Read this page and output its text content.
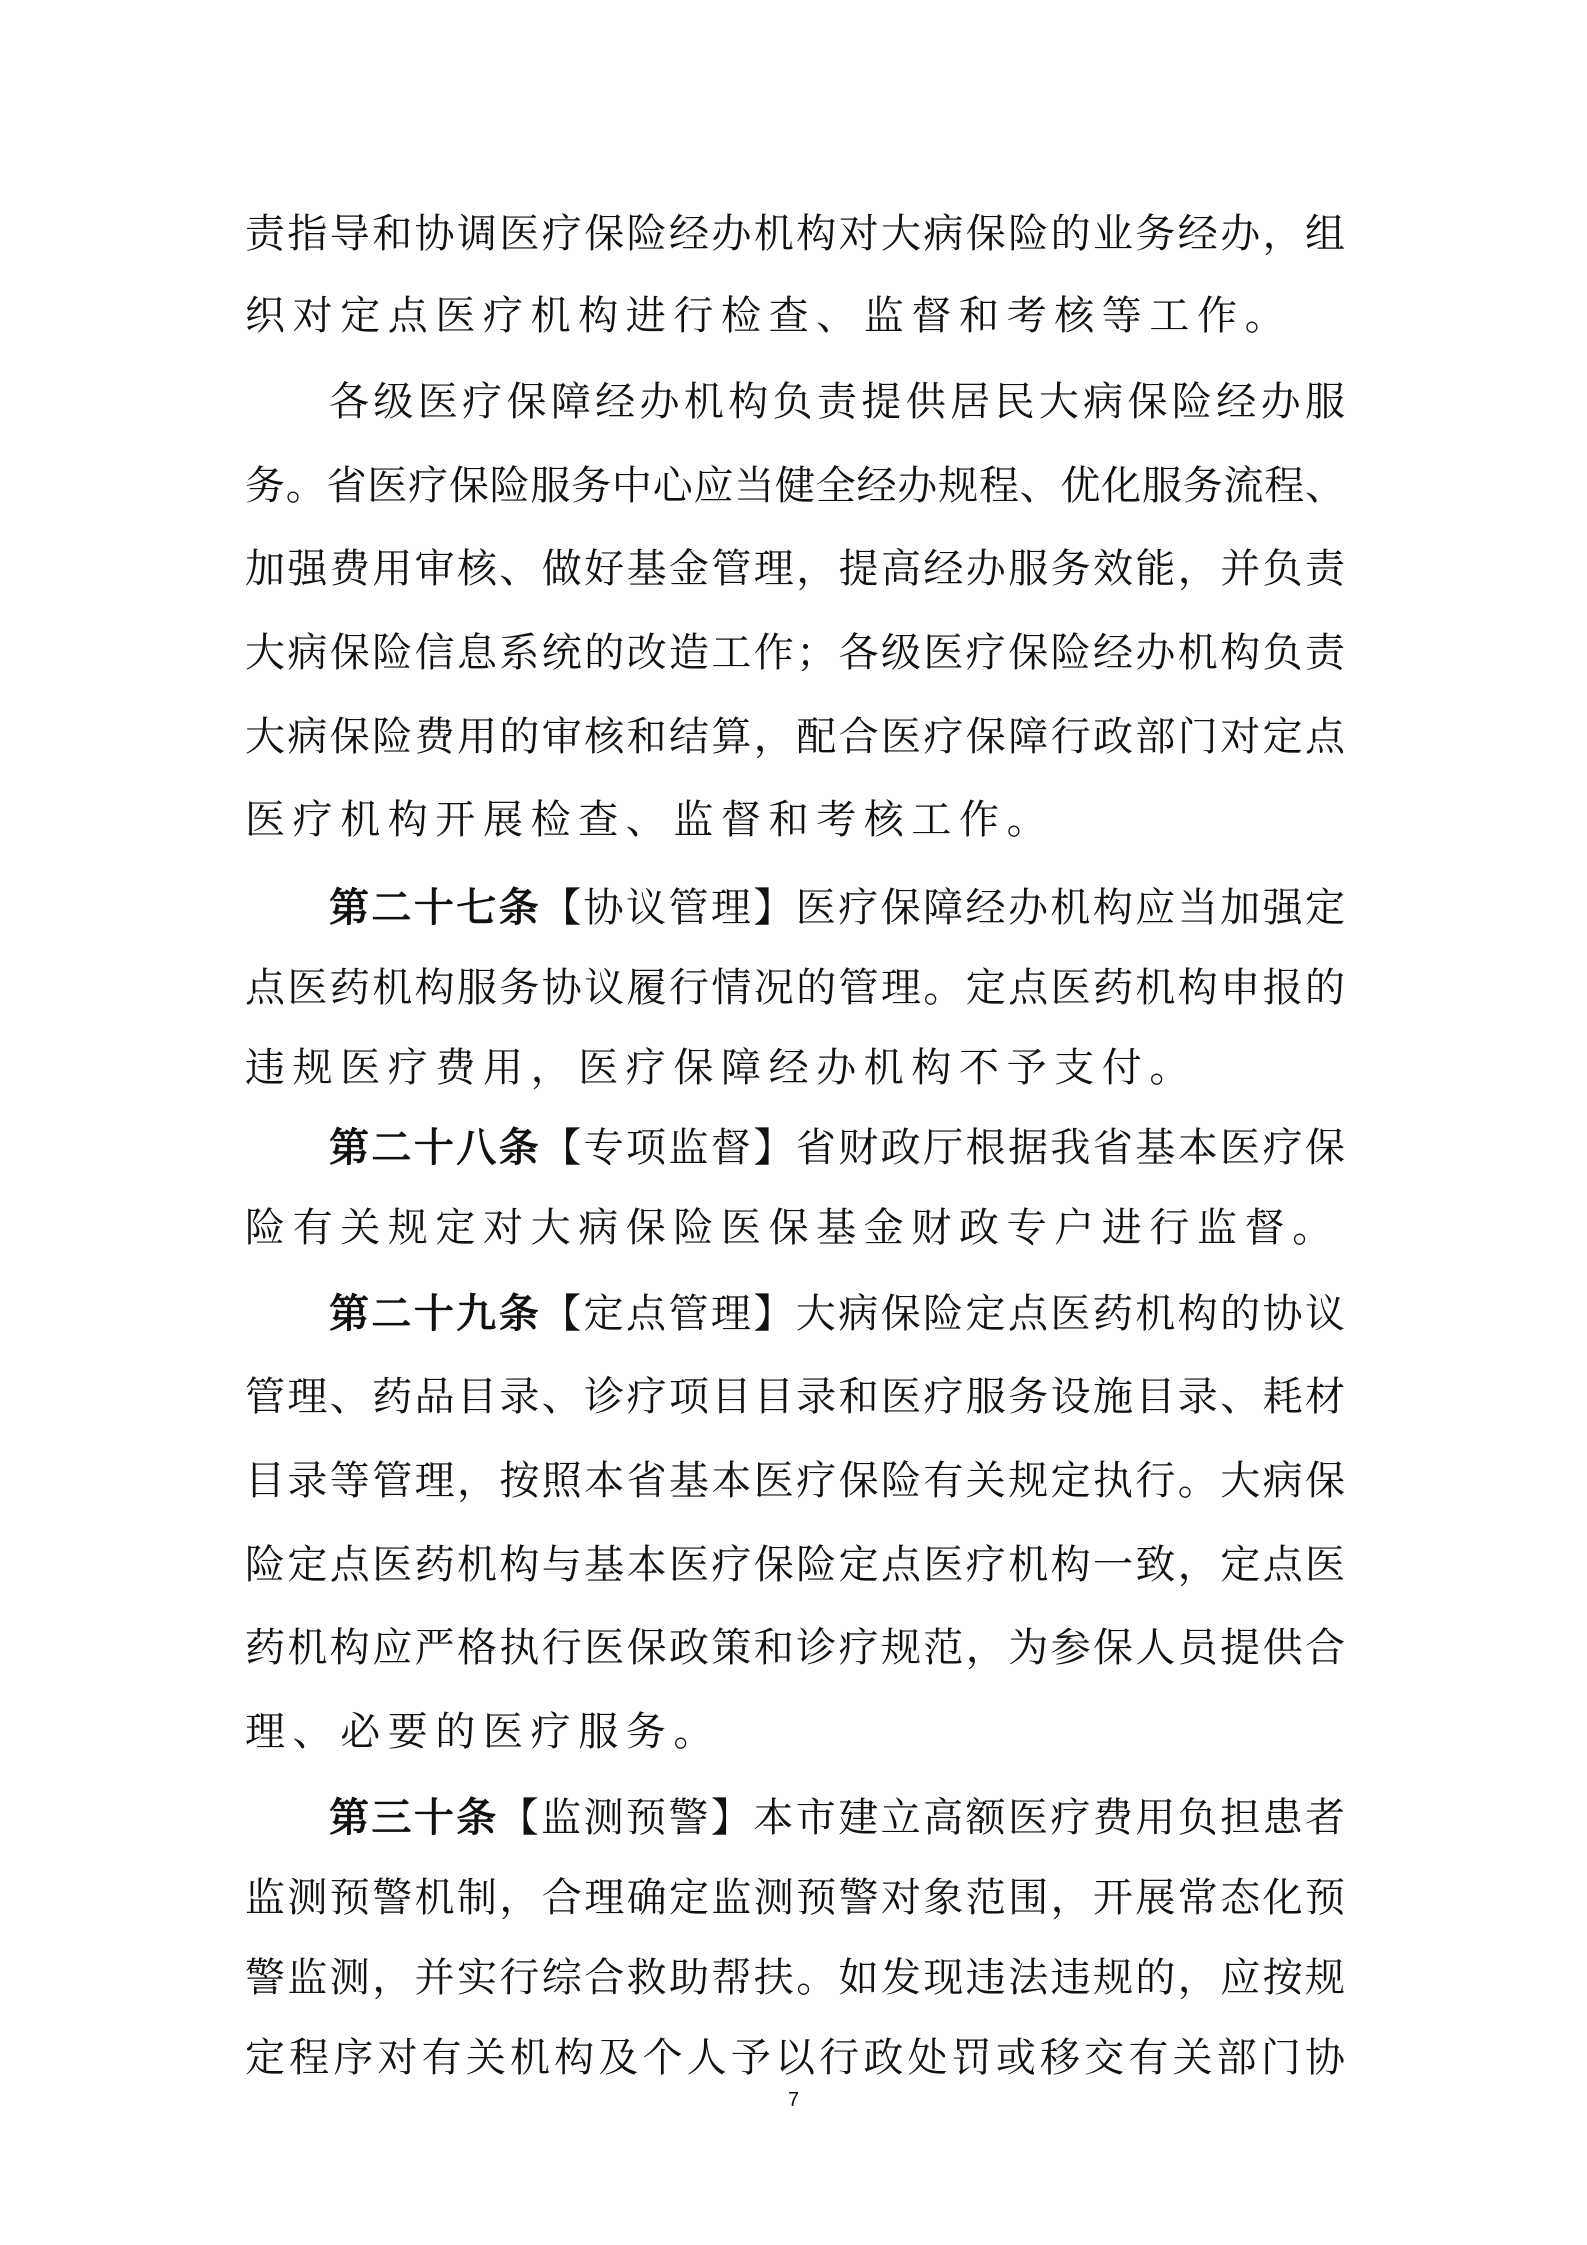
责指导和协调医疗保险经办机构对大病保险的业务经办，组
织对定点医疗机构进行检查、监督和考核等工作。
各级医疗保障经办机构负责提供居民大病保险经办服
务。省医疗保险服务中心应当健全经办规程、优化服务流程、
加强费用审核、做好基金管理，提高经办服务效能，并负责
大病保险信息系统的改造工作；各级医疗保险经办机构负责
大病保险费用的审核和结算，配合医疗保障行政部门对定点
医疗机构开展检查、监督和考核工作。
第二十七条【协议管理】医疗保障经办机构应当加强定
点医药机构服务协议履行情况的管理。定点医药机构申报的
违规医疗费用，医疗保障经办机构不予支付。
第二十八条【专项监督】省财政厅根据我省基本医疗保
险有关规定对大病保险医保基金财政专户进行监督。
第二十九条【定点管理】大病保险定点医药机构的协议
管理、药品目录、诊疗项目目录和医疗服务设施目录、耗材
目录等管理，按照本省基本医疗保险有关规定执行。大病保
险定点医药机构与基本医疗保险定点医疗机构一致，定点医
药机构应严格执行医保政策和诊疗规范，为参保人员提供合
理、必要的医疗服务。
第三十条【监测预警】本市建立高额医疗费用负担患者
监测预警机制，合理确定监测预警对象范围，开展常态化预
警监测，并实行综合救助帮扶。如发现违法违规的，应按规
定程序对有关机构及个人予以行政处罚或移交有关部门协
7
